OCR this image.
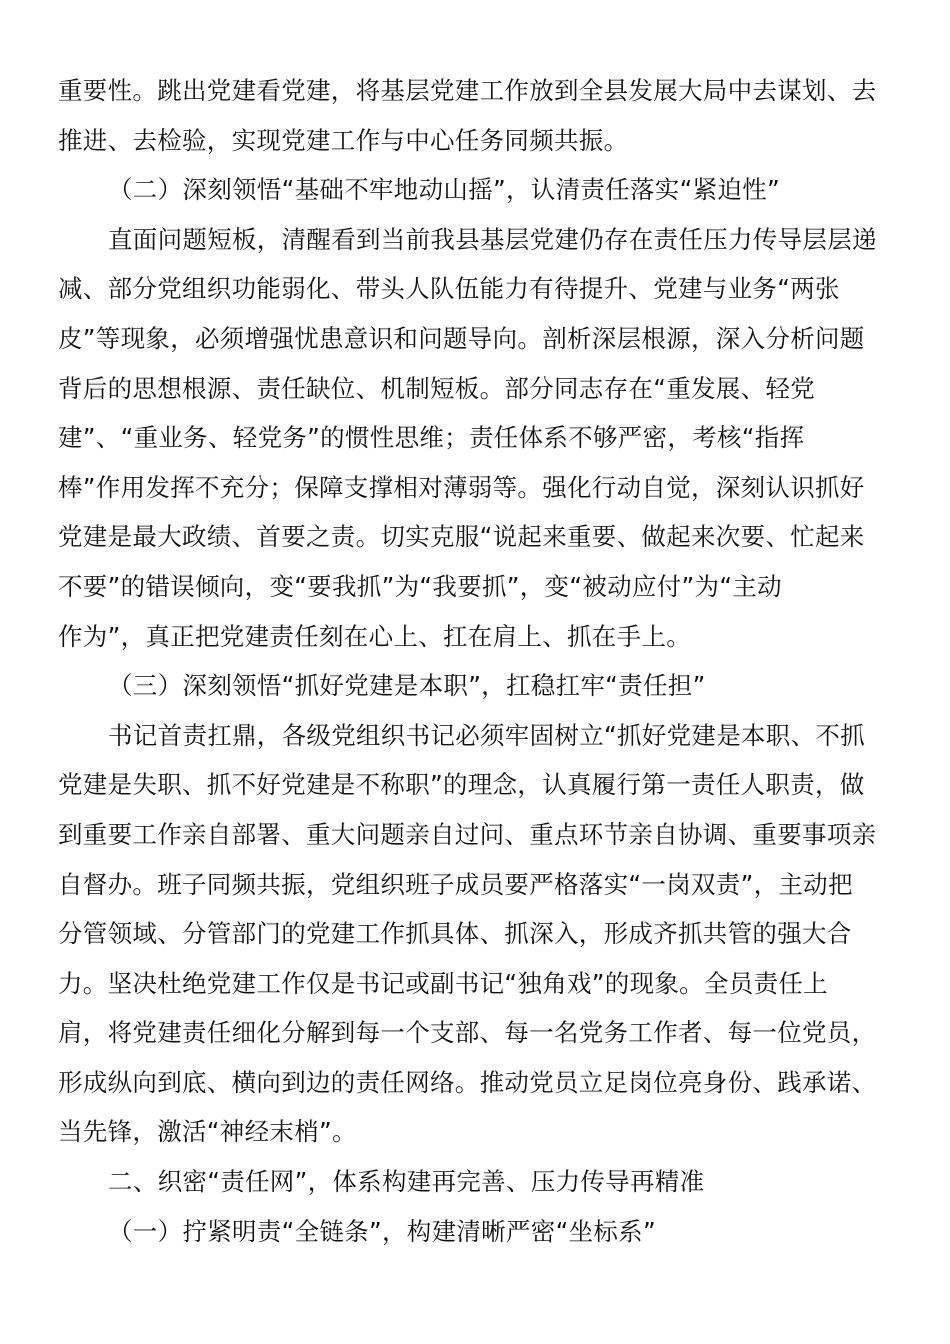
重要性。跳出党建看党建，将基层党建工作放到全县发展大局中去谋划、去
推进、去检验，实现党建工作与中心任务同频共振。
（二）深刻领悟“基础不牢地动山摇”，认清责任落实“紧迫性”
直面问题短板，清醒看到当前我县基层党建仍存在责任压力传导层层递
减、部分党组织功能弱化、带头人队伍能力有待提升、党建与业务“两张
皮”等现象，必须增强忧患意识和问题导向。剖析深层根源，深入分析问题
背后的思想根源、责任缺位、机制短板。部分同志存在“重发展、轻党
建”、“重业务、轻党务”的惯性思维；责任体系不够严密，考核“指挥
棒”作用发挥不充分；保障支撑相对薄弱等。强化行动自觉，深刻认识抓好
党建是最大政绩、首要之责。切实克服“说起来重要、做起来次要、忙起来
不要”的错误倾向，变“要我抓”为“我要抓”，变“被动应付”为“主动
作为”，真正把党建责任刻在心上、扛在肩上、抓在手上。
（三）深刻领悟“抓好党建是本职”，扛稳扛牢“责任担”
书记首责扛鼎，各级党组织书记必须牢固树立“抓好党建是本职、不抓
党建是失职、抓不好党建是不称职”的理念，认真履行第一责任人职责，做
到重要工作亲自部署、重大问题亲自过问、重点环节亲自协调、重要事项亲
自督办。班子同频共振，党组织班子成员要严格落实“一岗双责”，主动把
分管领域、分管部门的党建工作抓具体、抓深入，形成齐抓共管的强大合
力。坚决杜绝党建工作仅是书记或副书记“独角戏”的现象。全员责任上
肩，将党建责任细化分解到每一个支部、每一名党务工作者、每一位党员，
形成纵向到底、横向到边的责任网络。推动党员立足岗位亮身份、践承诺、
当先锋，激活“神经末梢”。
二、织密“责任网”，体系构建再完善、压力传导再精准
（一）拧紧明责“全链条”，构建清晰严密“坐标系”
